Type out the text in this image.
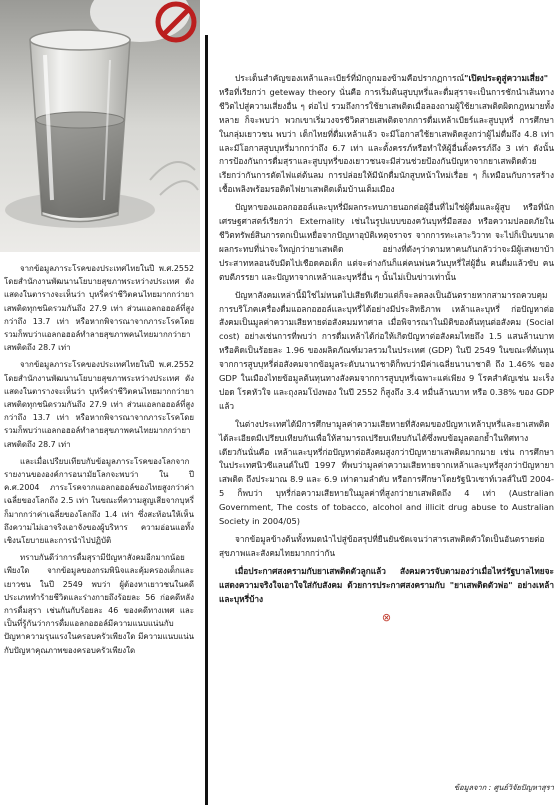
จากข้อมูลภาระโรคของประเทศไทยในปี พ.ศ.2552 โดยสำนักงานพัฒนานโยบายสุขภาพระหว่างประเทศ ดังแสดงในตารางจะเห็นว่า บุหรี่คร่าชีวิตคนไทยมากกว่ายาเสพติดทุกชนิดรวมกันถึง 27.9 เท่า ส่วนแอลกอฮอล์ที่สูงกว่าถึง 13.7 เท่า หรือหากพิจารณาจากภาระโรคโดยรวมก็พบว่าแอลกอฮอล์ทำลายสุขภาพคนไทยมากกว่ายาเสพติดถึง 28.7 เท่า

จากข้อมูลภาระโรคของประเทศไทยในปี พ.ศ.2552 โดยสำนักงานพัฒนานโยบายสุขภาพระหว่างประเทศ ดังแสดงในตารางจะเห็นว่า บุหรี่คร่าชีวิตคนไทยมากกว่ายาเสพติดทุกชนิดรวมกันถึง 27.9 เท่า ส่วนแอลกอฮอล์ที่สูงกว่าถึง 13.7 เท่า หรือหากพิจารณาจากภาระโรคโดยรวมก็พบว่าแอลกอฮอล์ทำลายสุขภาพคนไทยมากกว่ายาเสพติดถึง 28.7 เท่า

และเมื่อเปรียบเทียบกับข้อมูลภาระโรคของโลกจากรายงานขององค์การอนามัยโลกจะพบว่า ใน ปี ค.ศ.2004 ภาระโรคจากแอลกอฮอล์ของไทยสูงกว่าค่าเฉลี่ยของโลกถึง 2.5 เท่า ในขณะที่ความสูญเสียจากบุหรี่ก็มากกว่าค่าเฉลี่ยของโลกถึง 1.4 เท่า ซึ่งสะท้อนให้เห็นถึงความไม่เอาจริงเอาจังของผู้บริหาร ความอ่อนแอทั้งเชิงนโยบายและการนำไปปฏิบัติ

ทราบกันดีว่าการดื่มสุรามีปัญหาสังคมอีกมากน้อยเพียงใด จากข้อมูลของกรมพินิจและคุ้มครองเด็กและเยาวชน ในปี 2549 พบว่า ผู้ต้องหาเยาวชนในคดีประเภททำร้ายชีวิตและร่างกายถึงร้อยละ 56 ก่อคดีหลังการดื่มสุรา เช่นกันกับร้อยละ 46 ของคดีทางเพศ และเป็นที่รู้กันว่าการดื่มแอลกอฮอล์มีความแนบแน่นกับปัญหาความรุนแรงในครอบครัวเพียงใด มีความแนบแน่นกับปัญหาคุณภาพของครอบครัวเพียงใด

ประเด็นสำคัญของเหล้าและเบียร์ที่มักถูกมองข้ามคือปรากฏการณ์"เปิดประตูสู่ความเสี่ยง" หรือที่เรียกว่า geteway theory นั่นคือ การเริ่มต้นสูบบุหรี่และดื่มสุราจะเป็นการชักนำเส้นทางชีวิตไปสู่ความเสี่ยงอื่น ๆ ต่อไป รวมถึงการใช้ยาเสพติดเมื่อลองถามผู้ใช้ยาเสพติดผิดกฎหมายทั้งหลาย ก็จะพบว่า พวกเขาเริ่มวงจรชีวิตสายเสพติดจากการดื่มเหล้าเบียร์และสูบบุหรี่ การศึกษาในกลุ่มเยาวชน พบว่า เด็กไทยที่ดื่มเหล้าแล้ว จะมีโอกาสใช้ยาเสพติดสูงกว่าผู้ไม่ดื่มถึง 4.8 เท่า และมีโอกาสสูบบุหรี่มากกว่าถึง 6.7 เท่า และตั้งครรภ์หรือทำให้ผู้อื่นตั้งครรภ์ถึง 3 เท่า ดังนั้นการป้องกันการดื่มสุราและสูบบุหรี่ของเยาวชนจะมีส่วนช่วยป้องกันปัญหาจากยาเสพติดด้วย เรียกว่ากันการตัดไฟแต่ต้นลม การปล่อยให้มีนักดื่มนักสูบหน้าใหม่เรื่อย ๆ ก็เหมือนกับการสร้างเชื้อเพลิงพร้อมรอติดไฟยาเสพติดเต็มบ้านเต็มเมือง

ปัญหาของแอลกอฮอล์และบุหรี่มีผลกระทบภายนอกต่อผู้อื่นที่ไม่ใช่ผู้ดื่มและผู้สูบ หรือที่นักเศรษฐศาสตร์เรียกว่า Externality เช่นในรูปแบบของควันบุหรี่มือสอง หรือความปลอดภัยในชีวิตทรัพย์สินการตกเป็นเหยื่อจากปัญหาอุบัติเหตุจราจร จากการทะเลาะวิวาท จะไปก็เป็นขนาดผลกระทบที่น่าจะใหญ่กว่ายาเสพติด อย่างที่ดังๆว่าตามหาคนกันกลัวว่าจะมีผู้เสพยาบ้าประสาทหลอนจับมีดไปเชือดคอเด็ก แต่จะต่างกันก็แค่คนพ่นควันบุหรี่ใส่ผู้อื่น คนดื่มแล้วขับ คนตบตีภรรยา และปัญหาจากเหล้าและบุหรี่อื่น ๆ นั้นไม่เป็นข่าวเท่านั้น

ปัญหาสังคมเหล่านี้มิใช่ไม่หนดไปเสียทีเดียวแต่ก็จะลดลงเป็นอันตรายหากสามารถควบคุมการบริโภคเครื่องดื่มแอลกอฮอล์และบุหรี่ได้อย่างมีประสิทธิภาพ เหล้าและบุหรี่ ก่อปัญหาต่อสังคมเป็นมูลค่าความเสียหายต่อสังคมมหาศาล เมื่อพิจารณาในมิติของต้นทุนต่อสังคม (Social cost) อย่างเช่นการที่พบว่า การดื่มเหล้าได้ก่อให้เกิดปัญหาต่อสังคมไทยถึง 1.5 แสนล้านบาท หรือคิดเป็นร้อยละ 1.96 ของผลิตภัณฑ์มวลรวมในประเทศ (GDP) ในปี 2549 ในขณะที่ต้นทุนจากการสูบบุหรี่ต่อสังคมจากข้อมูลระดับนานาชาติก็พบว่ามีค่าเฉลี่ยนานาชาติ ถึง 1.46% ของ GDP ในเมืองไทยข้อมูลต้นทุนทางสังคมจากการสูบบุหรี่เฉพาะแค่เพียง 9 โรคสำคัญเช่น มะเร็งปอด โรคหัวใจ และถุงลมโป่งพอง ในปี 2552 ก็สูงถึง 3.4 หมื่นล้านบาท หรือ 0.38% ของ GDP แล้ว

ในต่างประเทศได้มีการศึกษามูลค่าความเสียหายที่สังคมของปัญหาเหล้าบุหรี่และยาเสพติดได้ละเอียดมีเปรียบเทียบกันเพื่อให้สามารถเปรียบเทียบกันได้ซึ่งพบข้อมูลตอกย้ำในทิศทางเดียวกันนั่นคือ เหล้าและบุหรี่ก่อปัญหาต่อสังคมสูงกว่าปัญหายาเสพติดมากมาย เช่น การศึกษาในประเทศนิวซีแลนด์ในปี 1997 ที่พบว่ามูลค่าความเสียหายจากเหล้าและบุหรี่สูงกว่าปัญหายาเสพติด ถึงประมาณ 8.9 และ 6.9 เท่าตามลำดับ หรือการศึกษาโดยรัฐนิวเซาท์เวลส์ในปี 2004-5 ก็พบว่า บุหรี่ก่อความเสียหายในมูลค่าที่สูงกว่ายาเสพติดถึง 4 เท่า (Australian Government, The costs of tobacco, alcohol and illicit drug abuse to Australian Society in 2004/05)

จากข้อมูลข้างต้นทั้งหมดนำไปสู่ข้อสรุปที่ยืนยันชัดเจนว่าสารเสพติดตัวใดเป็นอันตรายต่อสุขภาพและสังคมไทยมากกว่ากัน

เมื่อประกาศสงครามกับยาเสพติดตัวลูกแล้ว สังคมควรจับตามองว่าเมื่อไหร่รัฐบาลไทยจะแสดงความจริงใจเอาใจใส่กับสังคม ด้วยการประกาศสงครามกับ "ยาเสพติดตัวพ่อ" อย่างเหล้าและบุหรี่บ้าง

⊗
ข้อมูลจาก : ศูนย์วิจัยปัญหาสุรา
